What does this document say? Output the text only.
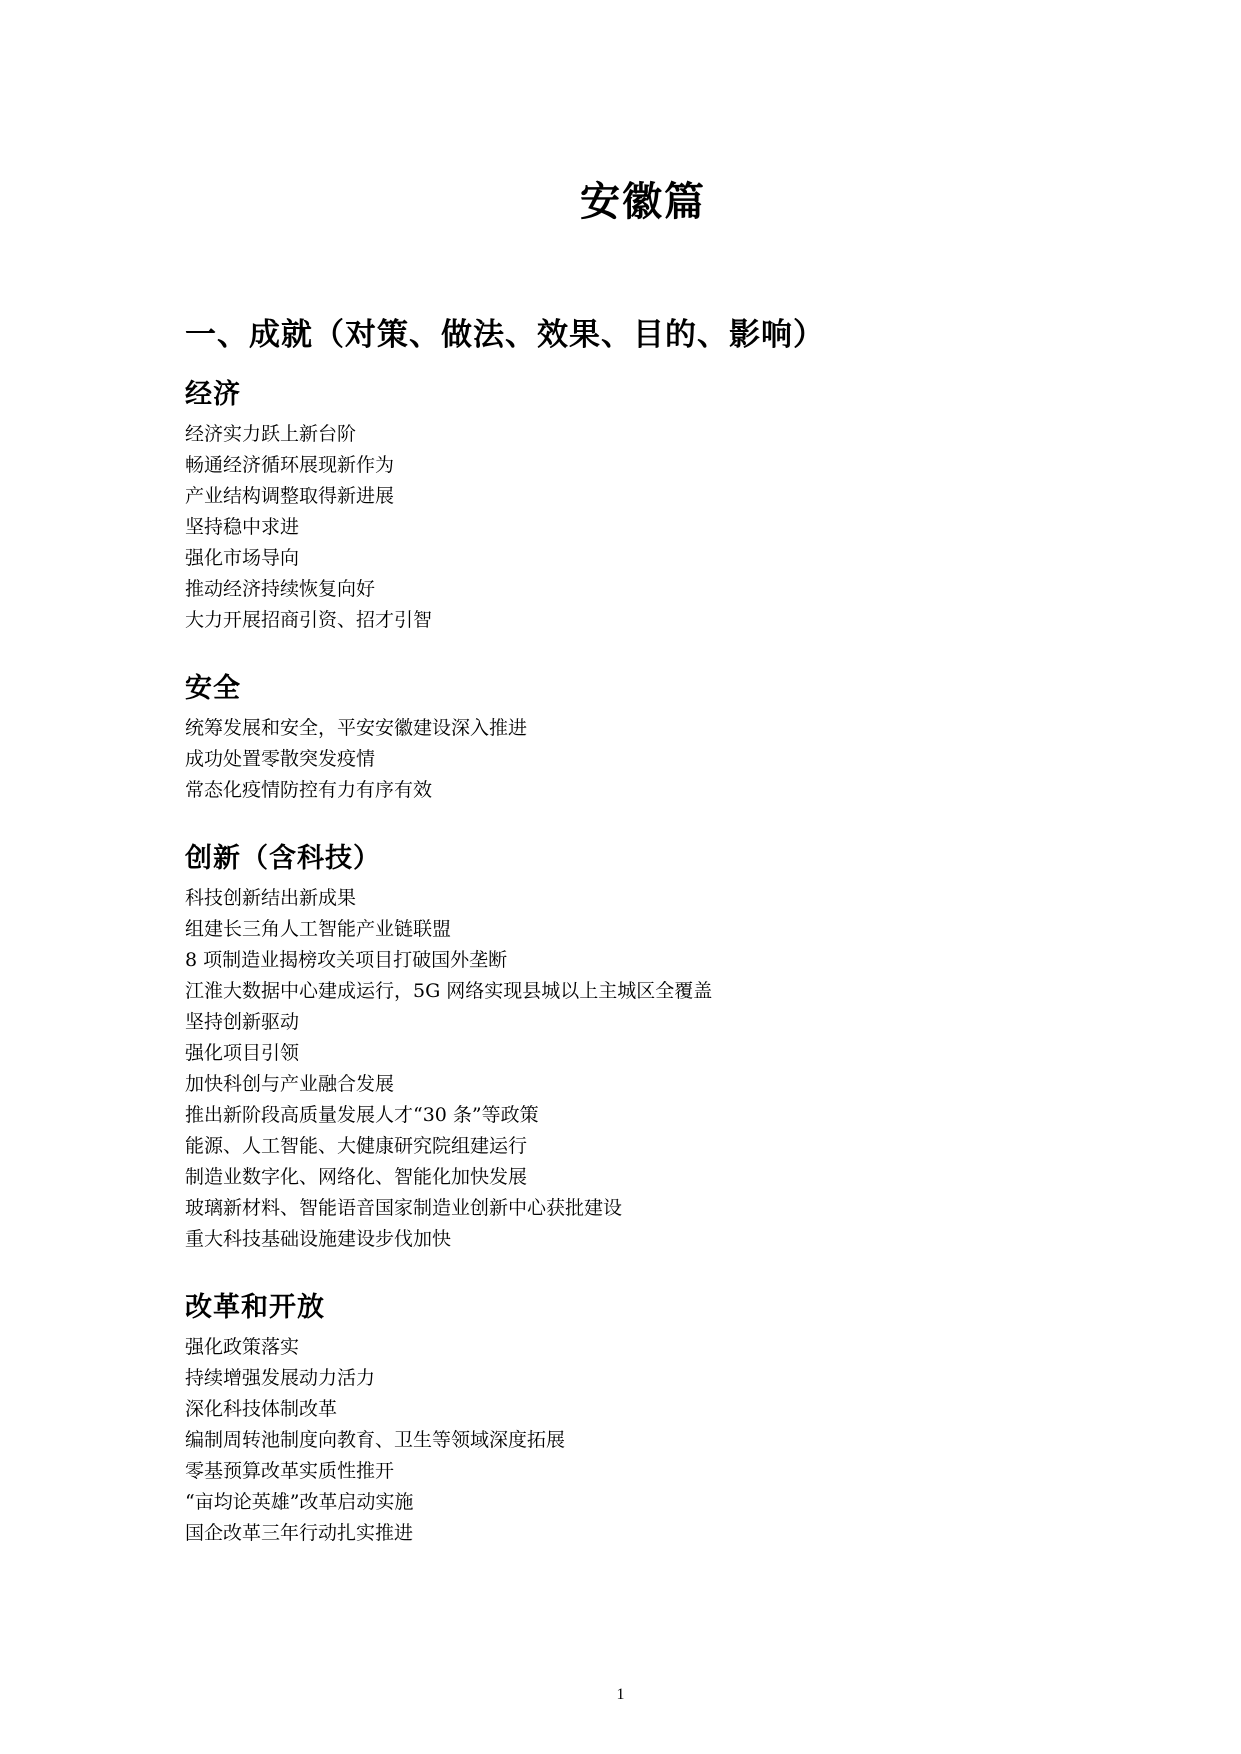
安徽篇
一、成就（对策、做法、效果、目的、影响）
经济
经济实力跃上新台阶
畅通经济循环展现新作为
产业结构调整取得新进展
坚持稳中求进
强化市场导向
推动经济持续恢复向好
大力开展招商引资、招才引智
安全
统筹发展和安全，平安安徽建设深入推进
成功处置零散突发疫情
常态化疫情防控有力有序有效
创新（含科技）
科技创新结出新成果
组建长三角人工智能产业链联盟
8 项制造业揭榜攻关项目打破国外垄断
江淮大数据中心建成运行，5G 网络实现县城以上主城区全覆盖
坚持创新驱动
强化项目引领
加快科创与产业融合发展
推出新阶段高质量发展人才“30 条”等政策
能源、人工智能、大健康研究院组建运行
制造业数字化、网络化、智能化加快发展
玻璃新材料、智能语音国家制造业创新中心获批建设
重大科技基础设施建设步伐加快
改革和开放
强化政策落实
持续增强发展动力活力
深化科技体制改革
编制周转池制度向教育、卫生等领域深度拓展
零基预算改革实质性推开
“亩均论英雄”改革启动实施
国企改革三年行动扎实推进
1
